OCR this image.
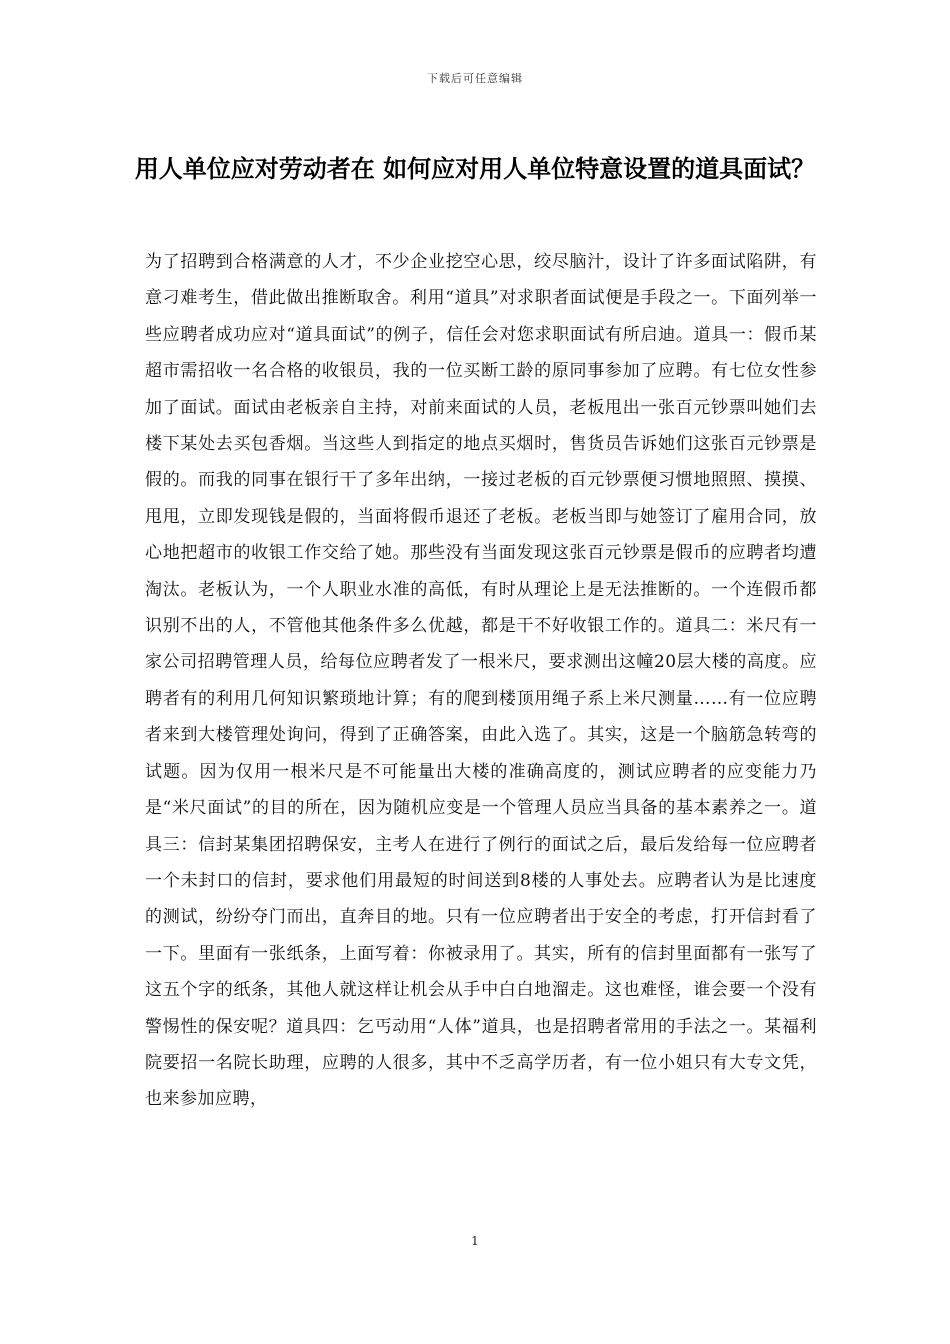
下载后可任意编辑
用人单位应对劳动者在 如何应对用人单位特意设置的道具面试？

为了招聘到合格满意的人才，不少企业挖空心思，绞尽脑汁，设计了许多面试陷阱，有意刁难考生，借此做出推断取舍。利用“道具”对求职者面试便是手段之一。下面列举一些应聘者成功应对“道具面试”的例子，信任会对您求职面试有所启迪。道具一：假币某超市需招收一名合格的收银员，我的一位买断工龄的原同事参加了应聘。有七位女性参加了面试。面试由老板亲自主持，对前来面试的人员，老板甩出一张百元钞票叫她们去楼下某处去买包香烟。当这些人到指定的地点买烟时，售货员告诉她们这张百元钞票是假的。而我的同事在银行干了多年出纳，一接过老板的百元钞票便习惯地照照、摸摸、甩甩，立即发现钱是假的，当面将假币退还了老板。老板当即与她签订了雇用合同，放心地把超市的收银工作交给了她。那些没有当面发现这张百元钞票是假币的应聘者均遭淘汰。老板认为，一个人职业水准的高低，有时从理论上是无法推断的。一个连假币都识别不出的人，不管他其他条件多么优越，都是干不好收银工作的。道具二：米尺有一家公司招聘管理人员，给每位应聘者发了一根米尺，要求测出这幢20层大楼的高度。应聘者有的利用几何知识繁琐地计算；有的爬到楼顶用绳子系上米尺测量……有一位应聘者来到大楼管理处询问，得到了正确答案，由此入选了。其实，这是一个脑筋急转弯的试题。因为仅用一根米尺是不可能量出大楼的准确高度的，测试应聘者的应变能力乃是“米尺面试”的目的所在，因为随机应变是一个管理人员应当具备的基本素养之一。道具三：信封某集团招聘保安，主考人在进行了例行的面试之后，最后发给每一位应聘者一个未封口的信封，要求他们用最短的时间送到8楼的人事处去。应聘者认为是比速度的测试，纷纷夺门而出，直奔目的地。只有一位应聘者出于安全的考虑，打开信封看了一下。里面有一张纸条，上面写着：你被录用了。其实，所有的信封里面都有一张写了这五个字的纸条，其他人就这样让机会从手中白白地溜走。这也难怪，谁会要一个没有警惕性的保安呢？道具四：乞丐动用“人体”道具，也是招聘者常用的手法之一。某福利院要招一名院长助理，应聘的人很多，其中不乏高学历者，有一位小姐只有大专文凭，也来参加应聘，

1
